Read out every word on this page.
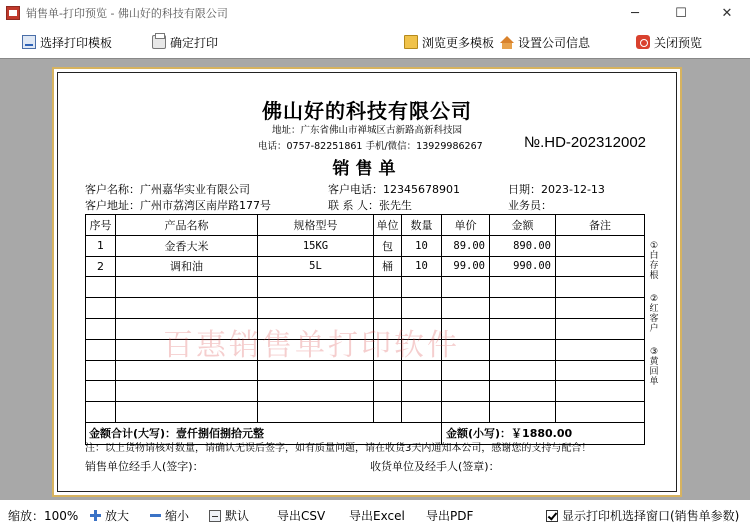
销售单-打印预览 - 佛山好的科技有限公司	─	☐	✕
选择打印模板	确定打印	浏览更多模板 设置公司信息	关闭预览
佛山好的科技有限公司
地址：广东省佛山市禅城区古新路高新科技园
电话：0757-82251861 手机/微信：13929986267	№.HD-202312002
销售单
客户名称：广州嘉华实业有限公司	客户电话：12345678901	日期：2023-12-13
客户地址：广州市荔湾区南岸路177号	联 系 人：张先生	业务员：
序号	产品名称	规格型号	单位	数量	单价	金额	备注
1	金香大米	15KG	包	10	89.00	890.00	
2	调和油	5L	桶	10	99.00	990.00	

金额合计(大写)：壹仟捌佰捌拾元整					金额(小写)：￥1880.00		
①白存根
②红客户
③黄回单
百惠销售单打印软件
注：以上货物请核对数量，请确认无误后签字，如有质量问题，请在收货3天内通知本公司，感谢您的支持与配合！
销售单位经手人(签字)：	收货单位及经手人(签章)：
缩放：100% 放大	缩小	默认 导出CSV 导出Excel 导出PDF	显示打印机选择窗口(销售单参数)
